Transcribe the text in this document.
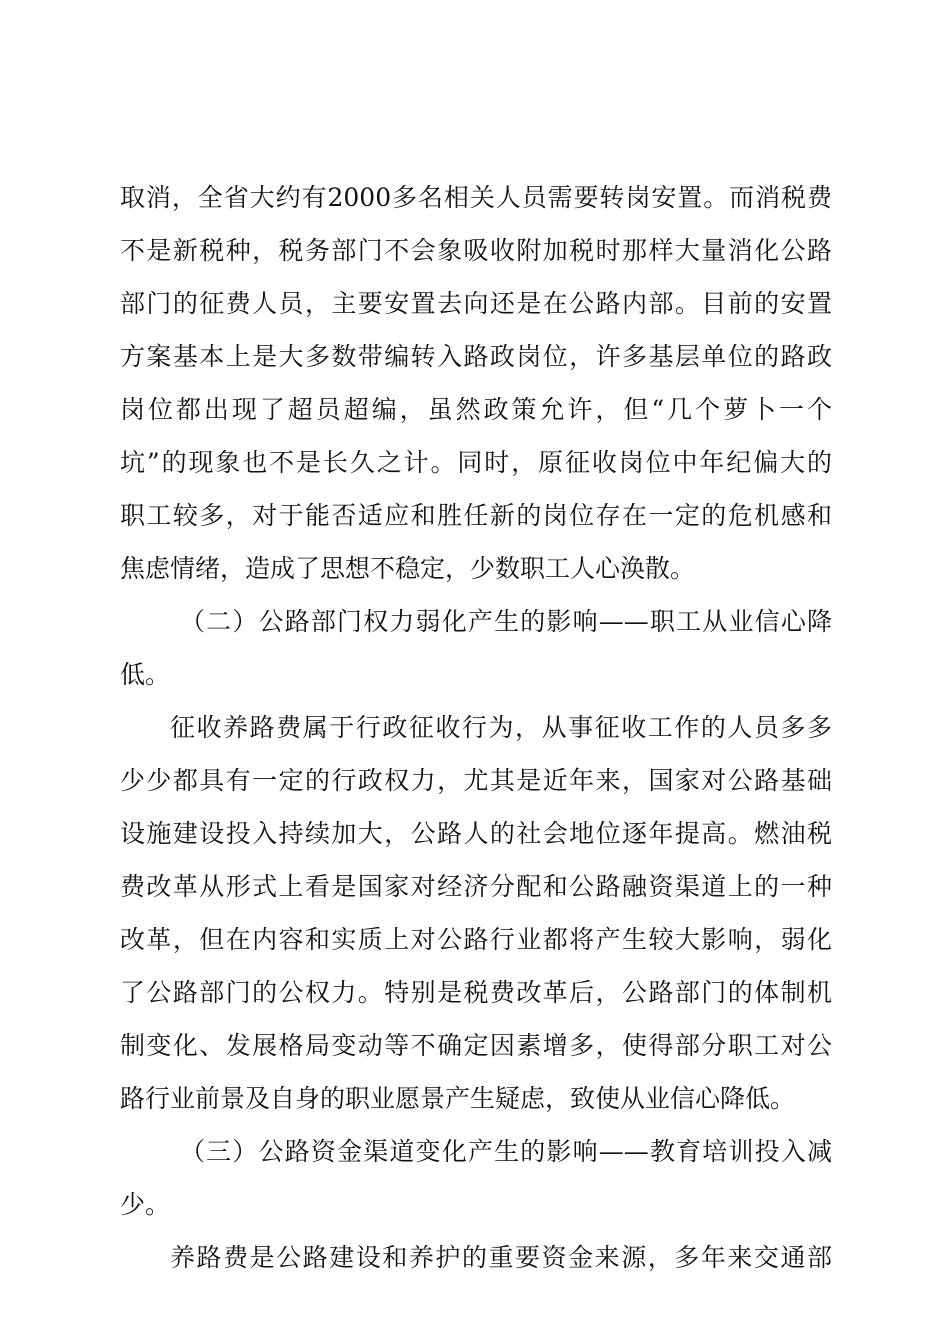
取消，全省大约有2000多名相关人员需要转岗安置。而消税费
不是新税种，税务部门不会象吸收附加税时那样大量消化公路
部门的征费人员，主要安置去向还是在公路内部。目前的安置
方案基本上是大多数带编转入路政岗位，许多基层单位的路政
岗位都出现了超员超编，虽然政策允许，但“几个萝卜一个
坑”的现象也不是长久之计。同时，原征收岗位中年纪偏大的
职工较多，对于能否适应和胜任新的岗位存在一定的危机感和
焦虑情绪，造成了思想不稳定，少数职工人心涣散。
（二）公路部门权力弱化产生的影响——职工从业信心降
低。
征收养路费属于行政征收行为，从事征收工作的人员多多
少少都具有一定的行政权力，尤其是近年来，国家对公路基础
设施建设投入持续加大，公路人的社会地位逐年提高。燃油税
费改革从形式上看是国家对经济分配和公路融资渠道上的一种
改革，但在内容和实质上对公路行业都将产生较大影响，弱化
了公路部门的公权力。特别是税费改革后，公路部门的体制机
制变化、发展格局变动等不确定因素增多，使得部分职工对公
路行业前景及自身的职业愿景产生疑虑，致使从业信心降低。
（三）公路资金渠道变化产生的影响——教育培训投入减
少。
养路费是公路建设和养护的重要资金来源，多年来交通部
